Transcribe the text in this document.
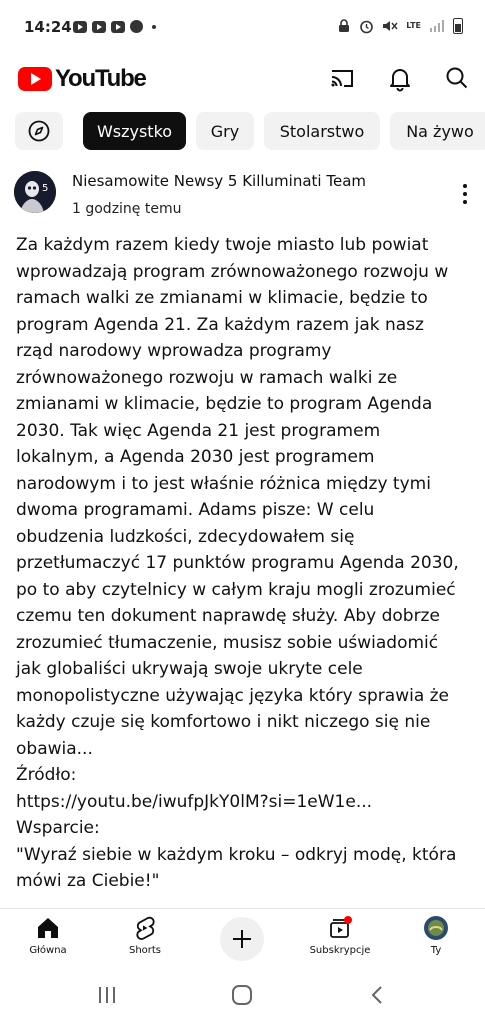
14:24	LTE
YouTube
Wszystko	Gry	Stolarstwo	Na żywo
5 Niesamowite Newsy 5 Killuminati Team
1 godzinę temu
Za każdym razem kiedy twoje miasto lub powiat wprowadzają program zrównoważonego rozwoju w ramach walki ze zmianami w klimacie, będzie to program Agenda 21. Za każdym razem jak nasz rząd narodowy wprowadza programy zrównoważonego rozwoju w ramach walki ze zmianami w klimacie, będzie to program Agenda 2030. Tak więc Agenda 21 jest programem lokalnym, a Agenda 2030 jest programem narodowym i to jest właśnie różnica między tymi dwoma programami. Adams pisze: W celu obudzenia ludzkości, zdecydowałem się przetłumaczyć 17 punktów programu Agenda 2030, po to aby czytelnicy w całym kraju mogli zrozumieć czemu ten dokument naprawdę służy. Aby dobrze zrozumieć tłumaczenie, musisz sobie uświadomić jak globaliści ukrywają swoje ukryte cele monopolistyczne używając języka który sprawia że każdy czuje się komfortowo i nikt niczego się nie obawia...
Źródło:
https://youtu.be/iwufpJkY0lM?si=1eW1e...
Wsparcie:
"Wyraź siebie w każdym kroku – odkryj modę, która mówi za Ciebie!"
Główna	Shorts	Subskrypcje	Ty
